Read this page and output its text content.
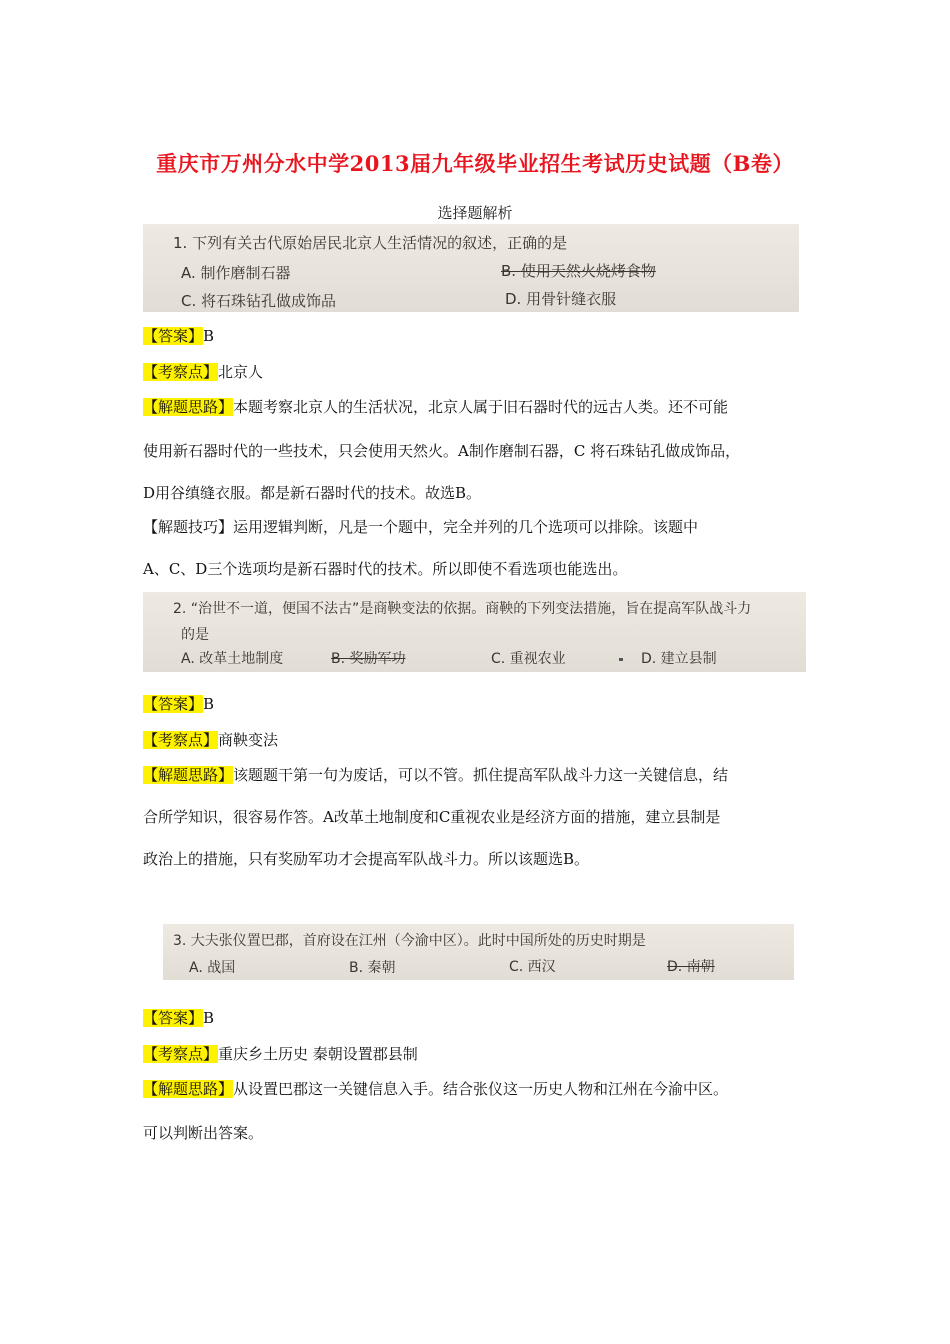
重庆市万州分水中学2013届九年级毕业招生考试历史试题（B卷）
选择题解析
1. 下列有关古代原始居民北京人生活情况的叙述，正确的是
A. 制作磨制石器	B. 使用天然火烧烤食物
C. 将石珠钻孔做成饰品	D. 用骨针缝衣服
【答案】B
【考察点】北京人
【解题思路】本题考察北京人的生活状况，北京人属于旧石器时代的远古人类。还不可能
使用新石器时代的一些技术，只会使用天然火。A制作磨制石器，C 将石珠钻孔做成饰品，
D用谷缜缝衣服。都是新石器时代的技术。故选B。
【解题技巧】运用逻辑判断，凡是一个题中，完全并列的几个选项可以排除。该题中
A、C、D三个选项均是新石器时代的技术。所以即使不看选项也能选出。
2. “治世不一道，便国不法古”是商鞅变法的依据。商鞅的下列变法措施，旨在提高军队战斗力
的是
A. 改革土地制度	B. 奖励军功	C. 重视农业	D. 建立县制
【答案】B
【考察点】商鞅变法
【解题思路】该题题干第一句为废话，可以不管。抓住提高军队战斗力这一关键信息，结
合所学知识，很容易作答。A改革土地制度和C重视农业是经济方面的措施，建立县制是
政治上的措施，只有奖励军功才会提高军队战斗力。所以该题选B。
3. 大夫张仪置巴郡，首府设在江州（今渝中区）。此时中国所处的历史时期是
A. 战国	B. 秦朝	C. 西汉	D. 南朝
【答案】B
【考察点】重庆乡土历史 秦朝设置郡县制
【解题思路】从设置巴郡这一关键信息入手。结合张仪这一历史人物和江州在今渝中区。
可以判断出答案。
